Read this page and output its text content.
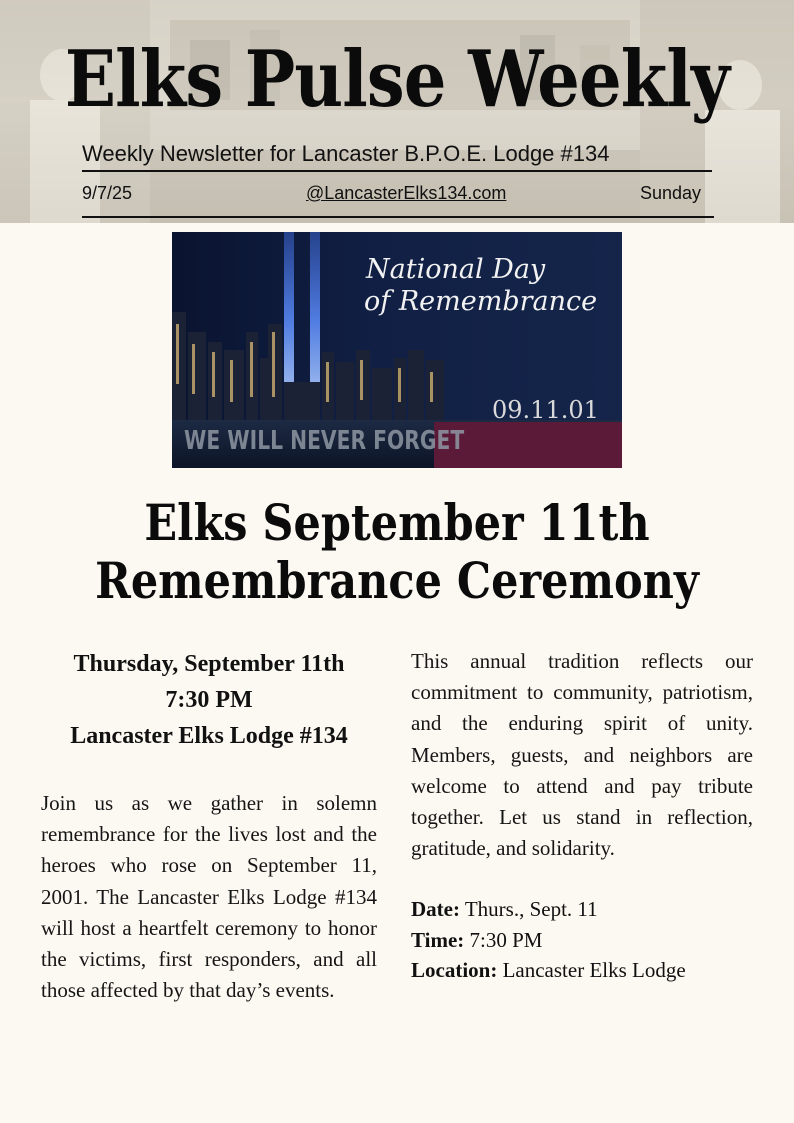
Elks Pulse Weekly
Weekly Newsletter for Lancaster B.P.O.E. Lodge #134
9/7/25	@LancasterElks134.com	Sunday
National Day
of Remembrance
09.11.01
WE WILL NEVER FORGET
Elks September 11th
Remembrance Ceremony
Thursday, September 11th
7:30 PM
Lancaster Elks Lodge #134

Join us as we gather in solemn remembrance for the lives lost and the heroes who rose on September 11, 2001. The Lancaster Elks Lodge #134 will host a heartfelt ceremony to honor the victims, first responders, and all those affected by that day’s events.

This annual tradition reflects our commitment to community, patriotism, and the enduring spirit of unity. Members, guests, and neighbors are welcome to attend and pay tribute together. Let us stand in reflection, gratitude, and solidarity.

Date: Thurs., Sept. 11
Time: 7:30 PM
Location: Lancaster Elks Lodge
